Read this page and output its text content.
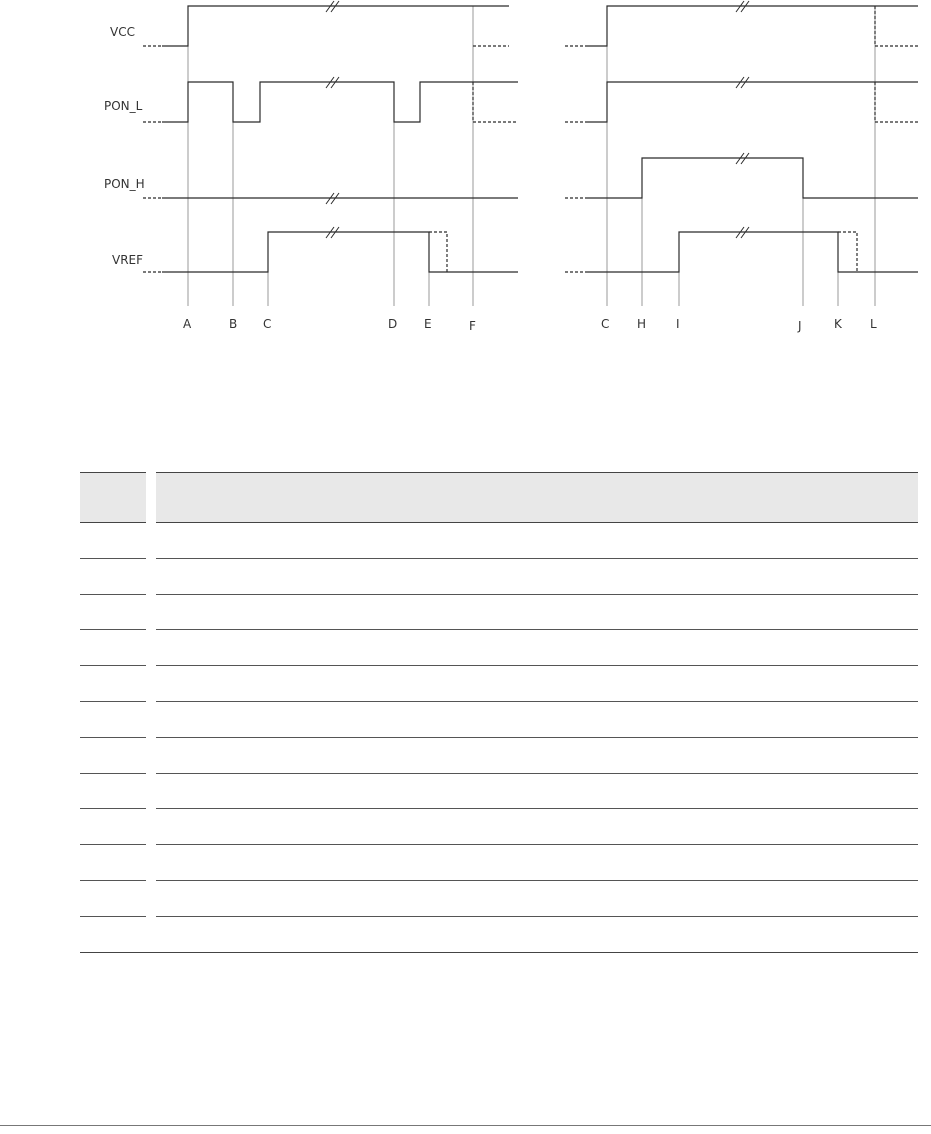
VCC
PON_L
PON_H
VREF
A	B C	D E	F	C H I	J	K L
